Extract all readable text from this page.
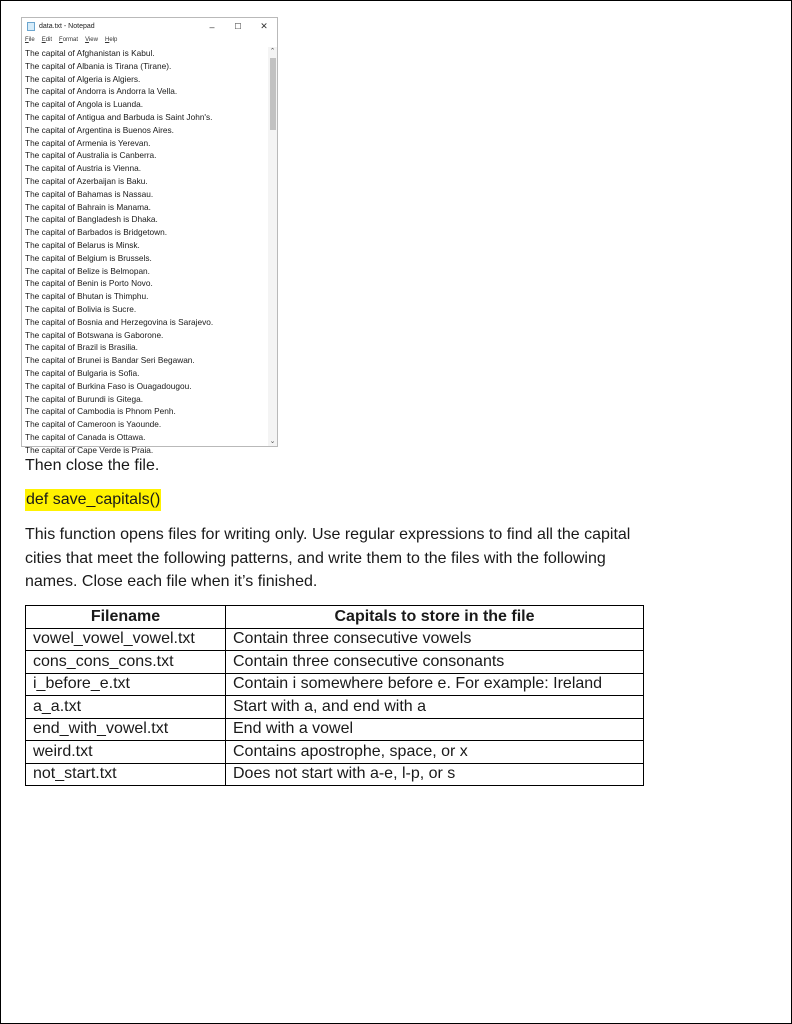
data.txt - Notepad	–	☐	✕
File Edit Format View Help
The capital of Afghanistan is Kabul.
The capital of Albania is Tirana (Tirane).
The capital of Algeria is Algiers.
The capital of Andorra is Andorra la Vella.
The capital of Angola is Luanda.
The capital of Antigua and Barbuda is Saint John's.
The capital of Argentina is Buenos Aires.
The capital of Armenia is Yerevan.
The capital of Australia is Canberra.
The capital of Austria is Vienna.
The capital of Azerbaijan is Baku.
The capital of Bahamas is Nassau.
The capital of Bahrain is Manama.
The capital of Bangladesh is Dhaka.
The capital of Barbados is Bridgetown.
The capital of Belarus is Minsk.
The capital of Belgium is Brussels.
The capital of Belize is Belmopan.
The capital of Benin is Porto Novo.
The capital of Bhutan is Thimphu.
The capital of Bolivia is Sucre.
The capital of Bosnia and Herzegovina is Sarajevo.
The capital of Botswana is Gaborone.
The capital of Brazil is Brasilia.
The capital of Brunei is Bandar Seri Begawan.
The capital of Bulgaria is Sofia.
The capital of Burkina Faso is Ouagadougou.
The capital of Burundi is Gitega.
The capital of Cambodia is Phnom Penh.
The capital of Cameroon is Yaounde.
The capital of Canada is Ottawa.
The capital of Cape Verde is Praia.
⌃
⌄
Then close the file.
def save_capitals()
This function opens files for writing only. Use regular expressions to find all the capital cities that meet the following patterns, and write them to the files with the following names. Close each file when it’s finished.
Filename	Capitals to store in the file
vowel_vowel_vowel.txt	Contain three consecutive vowels
cons_cons_cons.txt	Contain three consecutive consonants
i_before_e.txt	Contain i somewhere before e. For example: Ireland
a_a.txt	Start with a, and end with a
end_with_vowel.txt	End with a vowel
weird.txt	Contains apostrophe, space, or x
not_start.txt	Does not start with a-e, l-p, or s
